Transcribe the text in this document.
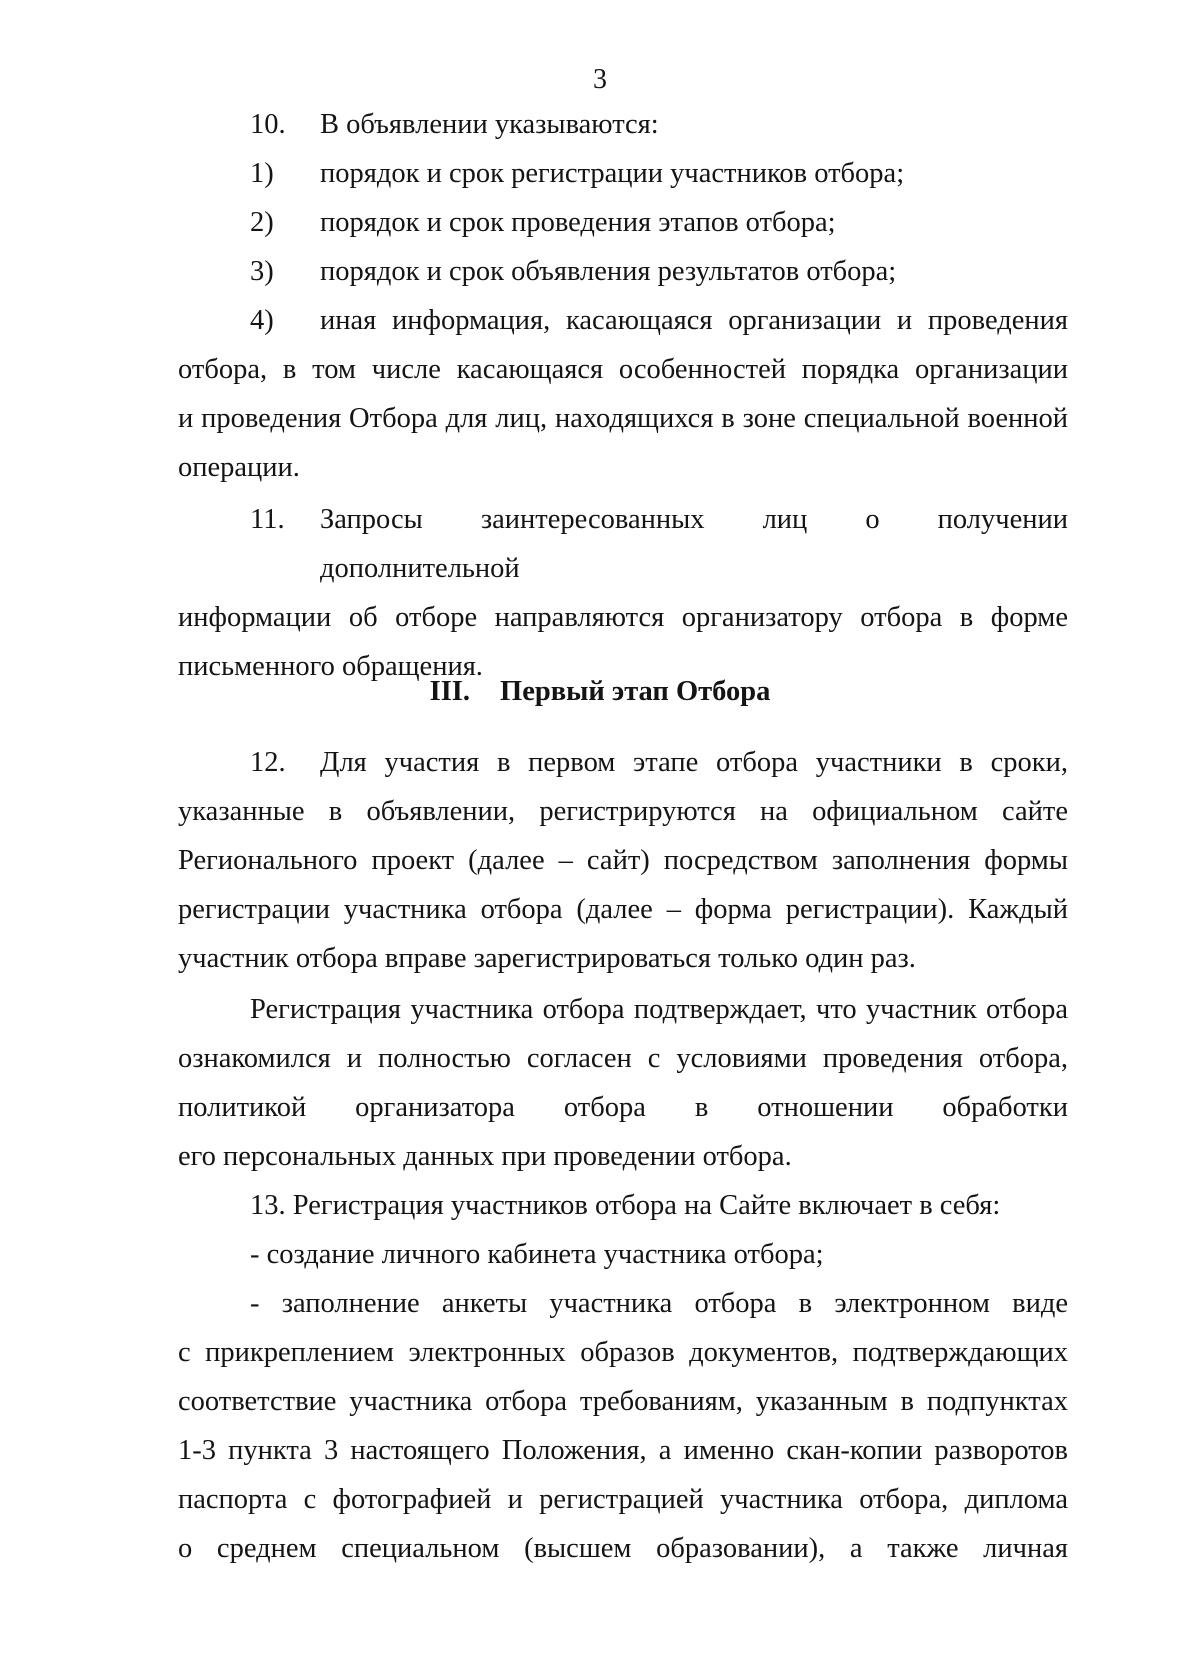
3

10. В объявлении указываются:

1) порядок и срок регистрации участников отбора;

2) порядок и срок проведения этапов отбора;

3) порядок и срок объявления результатов отбора;

4) иная информация, касающаяся организации и проведения
отбора, в том числе касающаяся особенностей порядка организации
и проведения Отбора для лиц, находящихся в зоне специальной военной
операции.
11. Запросы заинтересованных лиц о получении дополнительной
информации об отборе направляются организатору отбора в форме
письменного обращения.
III. Первый этап Отбора
12. Для участия в первом этапе отбора участники в сроки,
указанные в объявлении, регистрируются на официальном сайте
Регионального проект (далее – сайт) посредством заполнения формы
регистрации участника отбора (далее – форма регистрации). Каждый
участник отбора вправе зарегистрироваться только один раз.
Регистрация участника отбора подтверждает, что участник отбора
ознакомился и полностью согласен с условиями проведения отбора,
политикой организатора отбора в отношении обработки
его персональных данных при проведении отбора.
13. Регистрация участников отбора на Сайте включает в себя:
- создание личного кабинета участника отбора;
- заполнение анкеты участника отбора в электронном виде
с прикреплением электронных образов документов, подтверждающих
соответствие участника отбора требованиям, указанным в подпунктах
1-3 пункта 3 настоящего Положения, а именно скан-копии разворотов
паспорта с фотографией и регистрацией участника отбора, диплома
о среднем специальном (высшем образовании), а также личная
